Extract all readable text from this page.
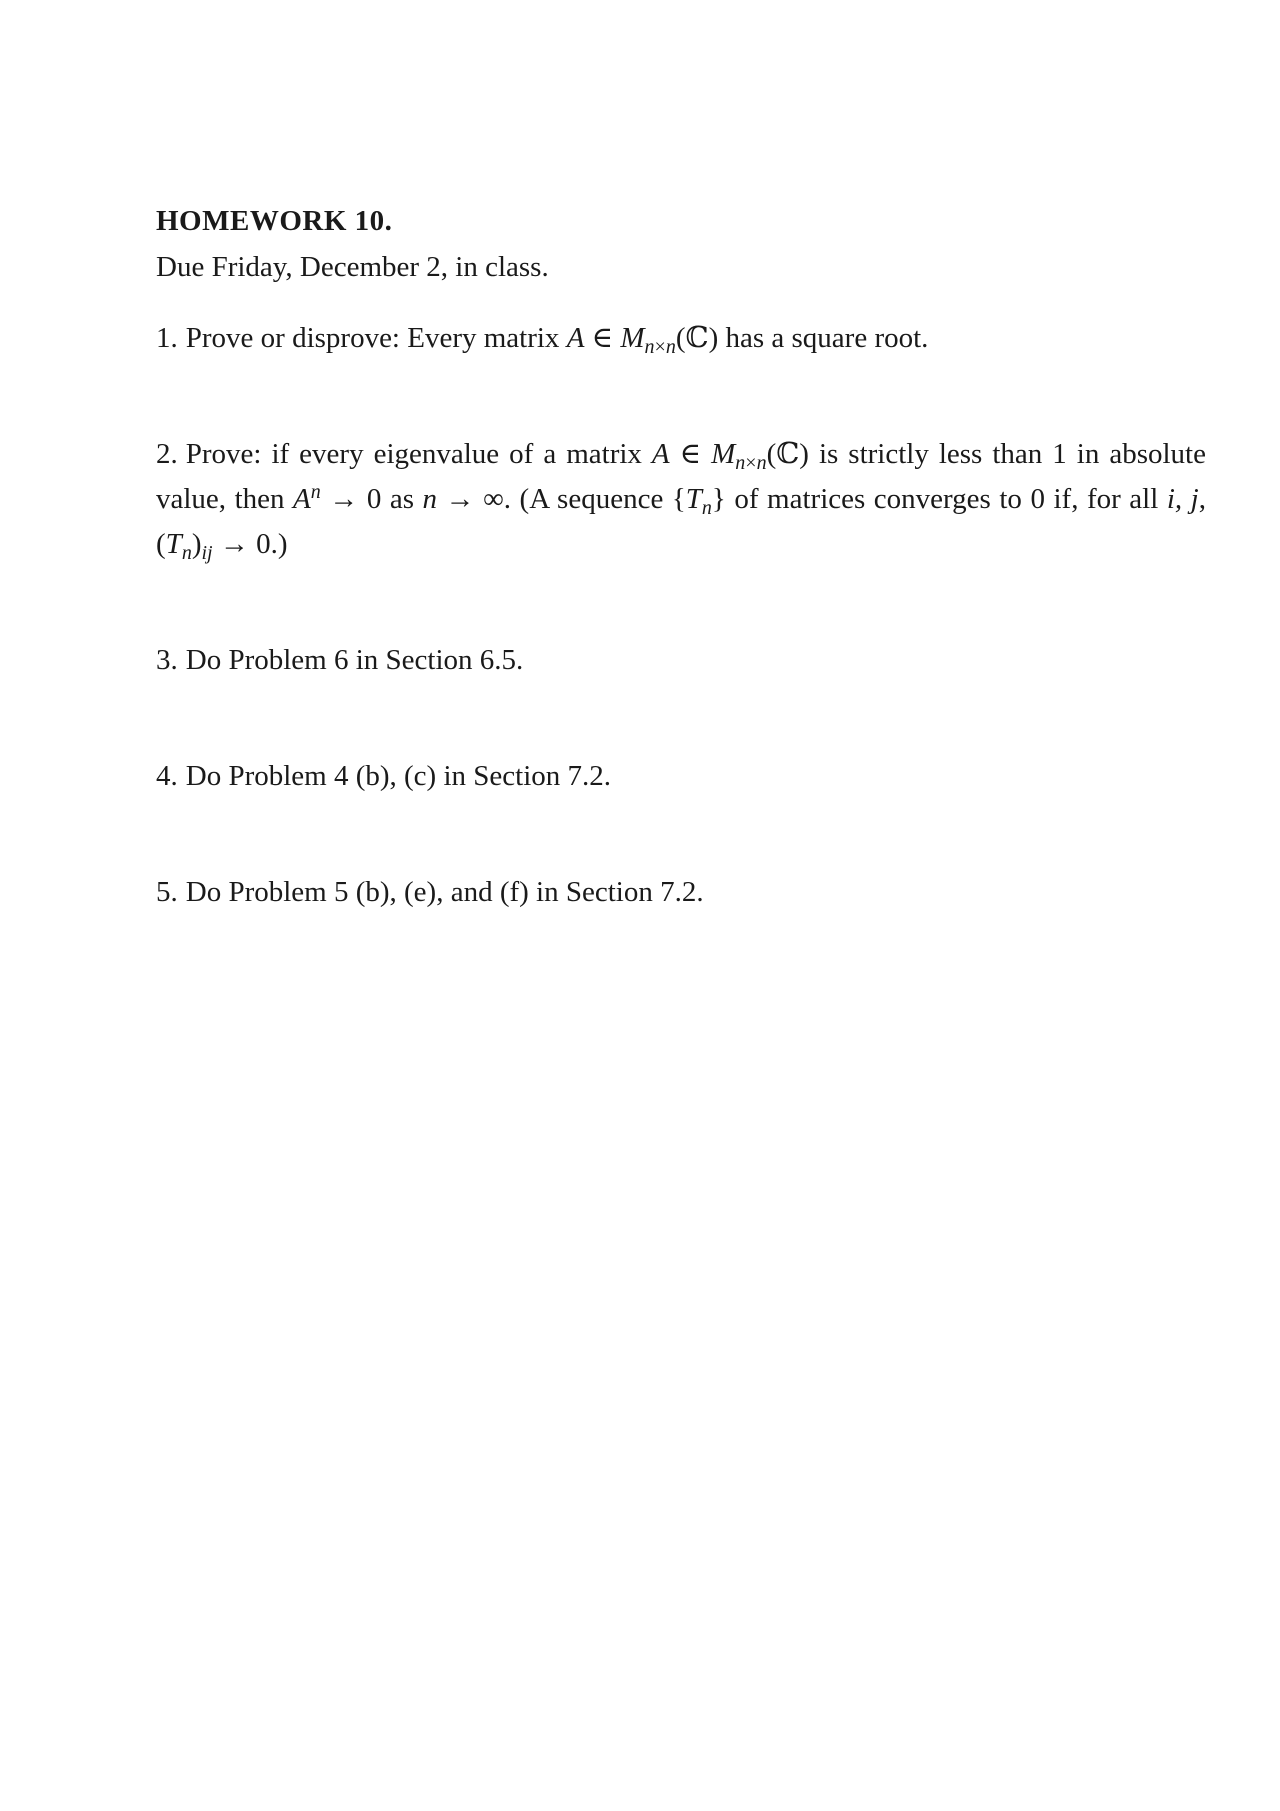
HOMEWORK 10.

Due Friday, December 2, in class.

1. Prove or disprove: Every matrix A ∈ $M_{n\times n}(ℂ)$ has a square root.

2. Prove: if every eigenvalue of a matrix A ∈ $M_{n\times n}(ℂ)$ is strictly less than 1 in absolute value, then $A^n \to 0$ as n → ∞. (A sequence $\{T_n\}$ of matrices converges to 0 if, for all i, j, $(T_n)_{ij} \to 0$.)

3. Do Problem 6 in Section 6.5.

4. Do Problem 4 (b), (c) in Section 7.2.

5. Do Problem 5 (b), (e), and (f) in Section 7.2.
